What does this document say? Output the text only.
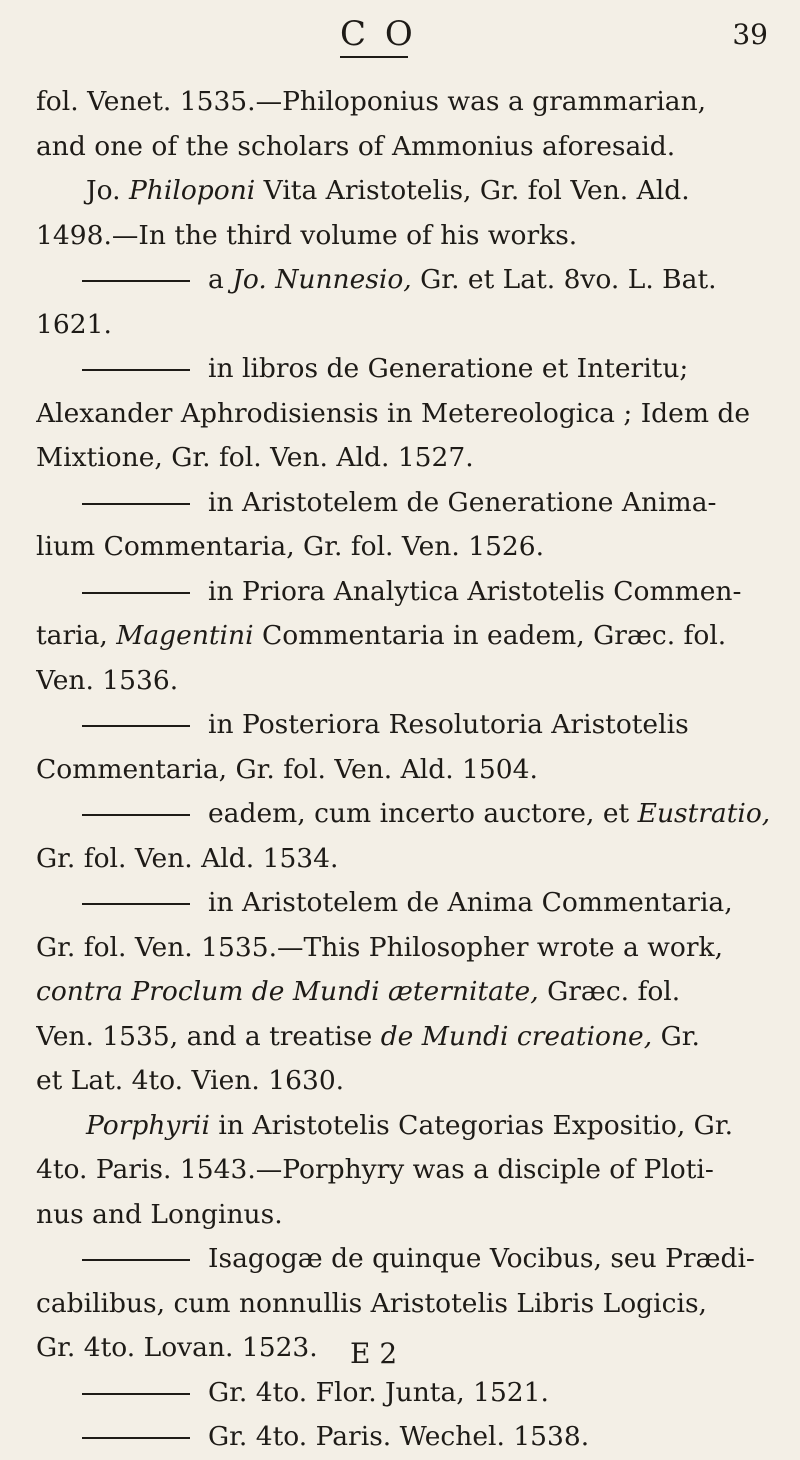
C O	39
fol. Venet. 1535.—Philoponius was a grammarian,
and one of the scholars of Ammonius aforesaid.
Jo. Philoponi Vita Aristotelis, Gr. fol Ven. Ald.
1498.—In the third volume of his works.
a Jo. Nunnesio, Gr. et Lat. 8vo. L. Bat.
1621.
in libros de Generatione et Interitu;
Alexander Aphrodisiensis in Metereologica ; Idem de
Mixtione, Gr. fol. Ven. Ald. 1527.
in Aristotelem de Generatione Anima-
lium Commentaria, Gr. fol. Ven. 1526.
in Priora Analytica Aristotelis Commen-
taria, Magentini Commentaria in eadem, Græc. fol.
Ven. 1536.
in Posteriora Resolutoria Aristotelis
Commentaria, Gr. fol. Ven. Ald. 1504.
eadem, cum incerto auctore, et Eustratio,
Gr. fol. Ven. Ald. 1534.
in Aristotelem de Anima Commentaria,
Gr. fol. Ven. 1535.—This Philosopher wrote a work,
contra Proclum de Mundi æternitate, Græc. fol.
Ven. 1535, and a treatise de Mundi creatione, Gr.
et Lat. 4to. Vien. 1630.
Porphyrii in Aristotelis Categorias Expositio, Gr.
4to. Paris. 1543.—Porphyry was a disciple of Ploti-
nus and Longinus.
Isagogæ de quinque Vocibus, seu Prædi-
cabilibus, cum nonnullis Aristotelis Libris Logicis,
Gr. 4to. Lovan. 1523.
Gr. 4to. Flor. Junta, 1521.
Gr. 4to. Paris. Wechel. 1538.
E 2
